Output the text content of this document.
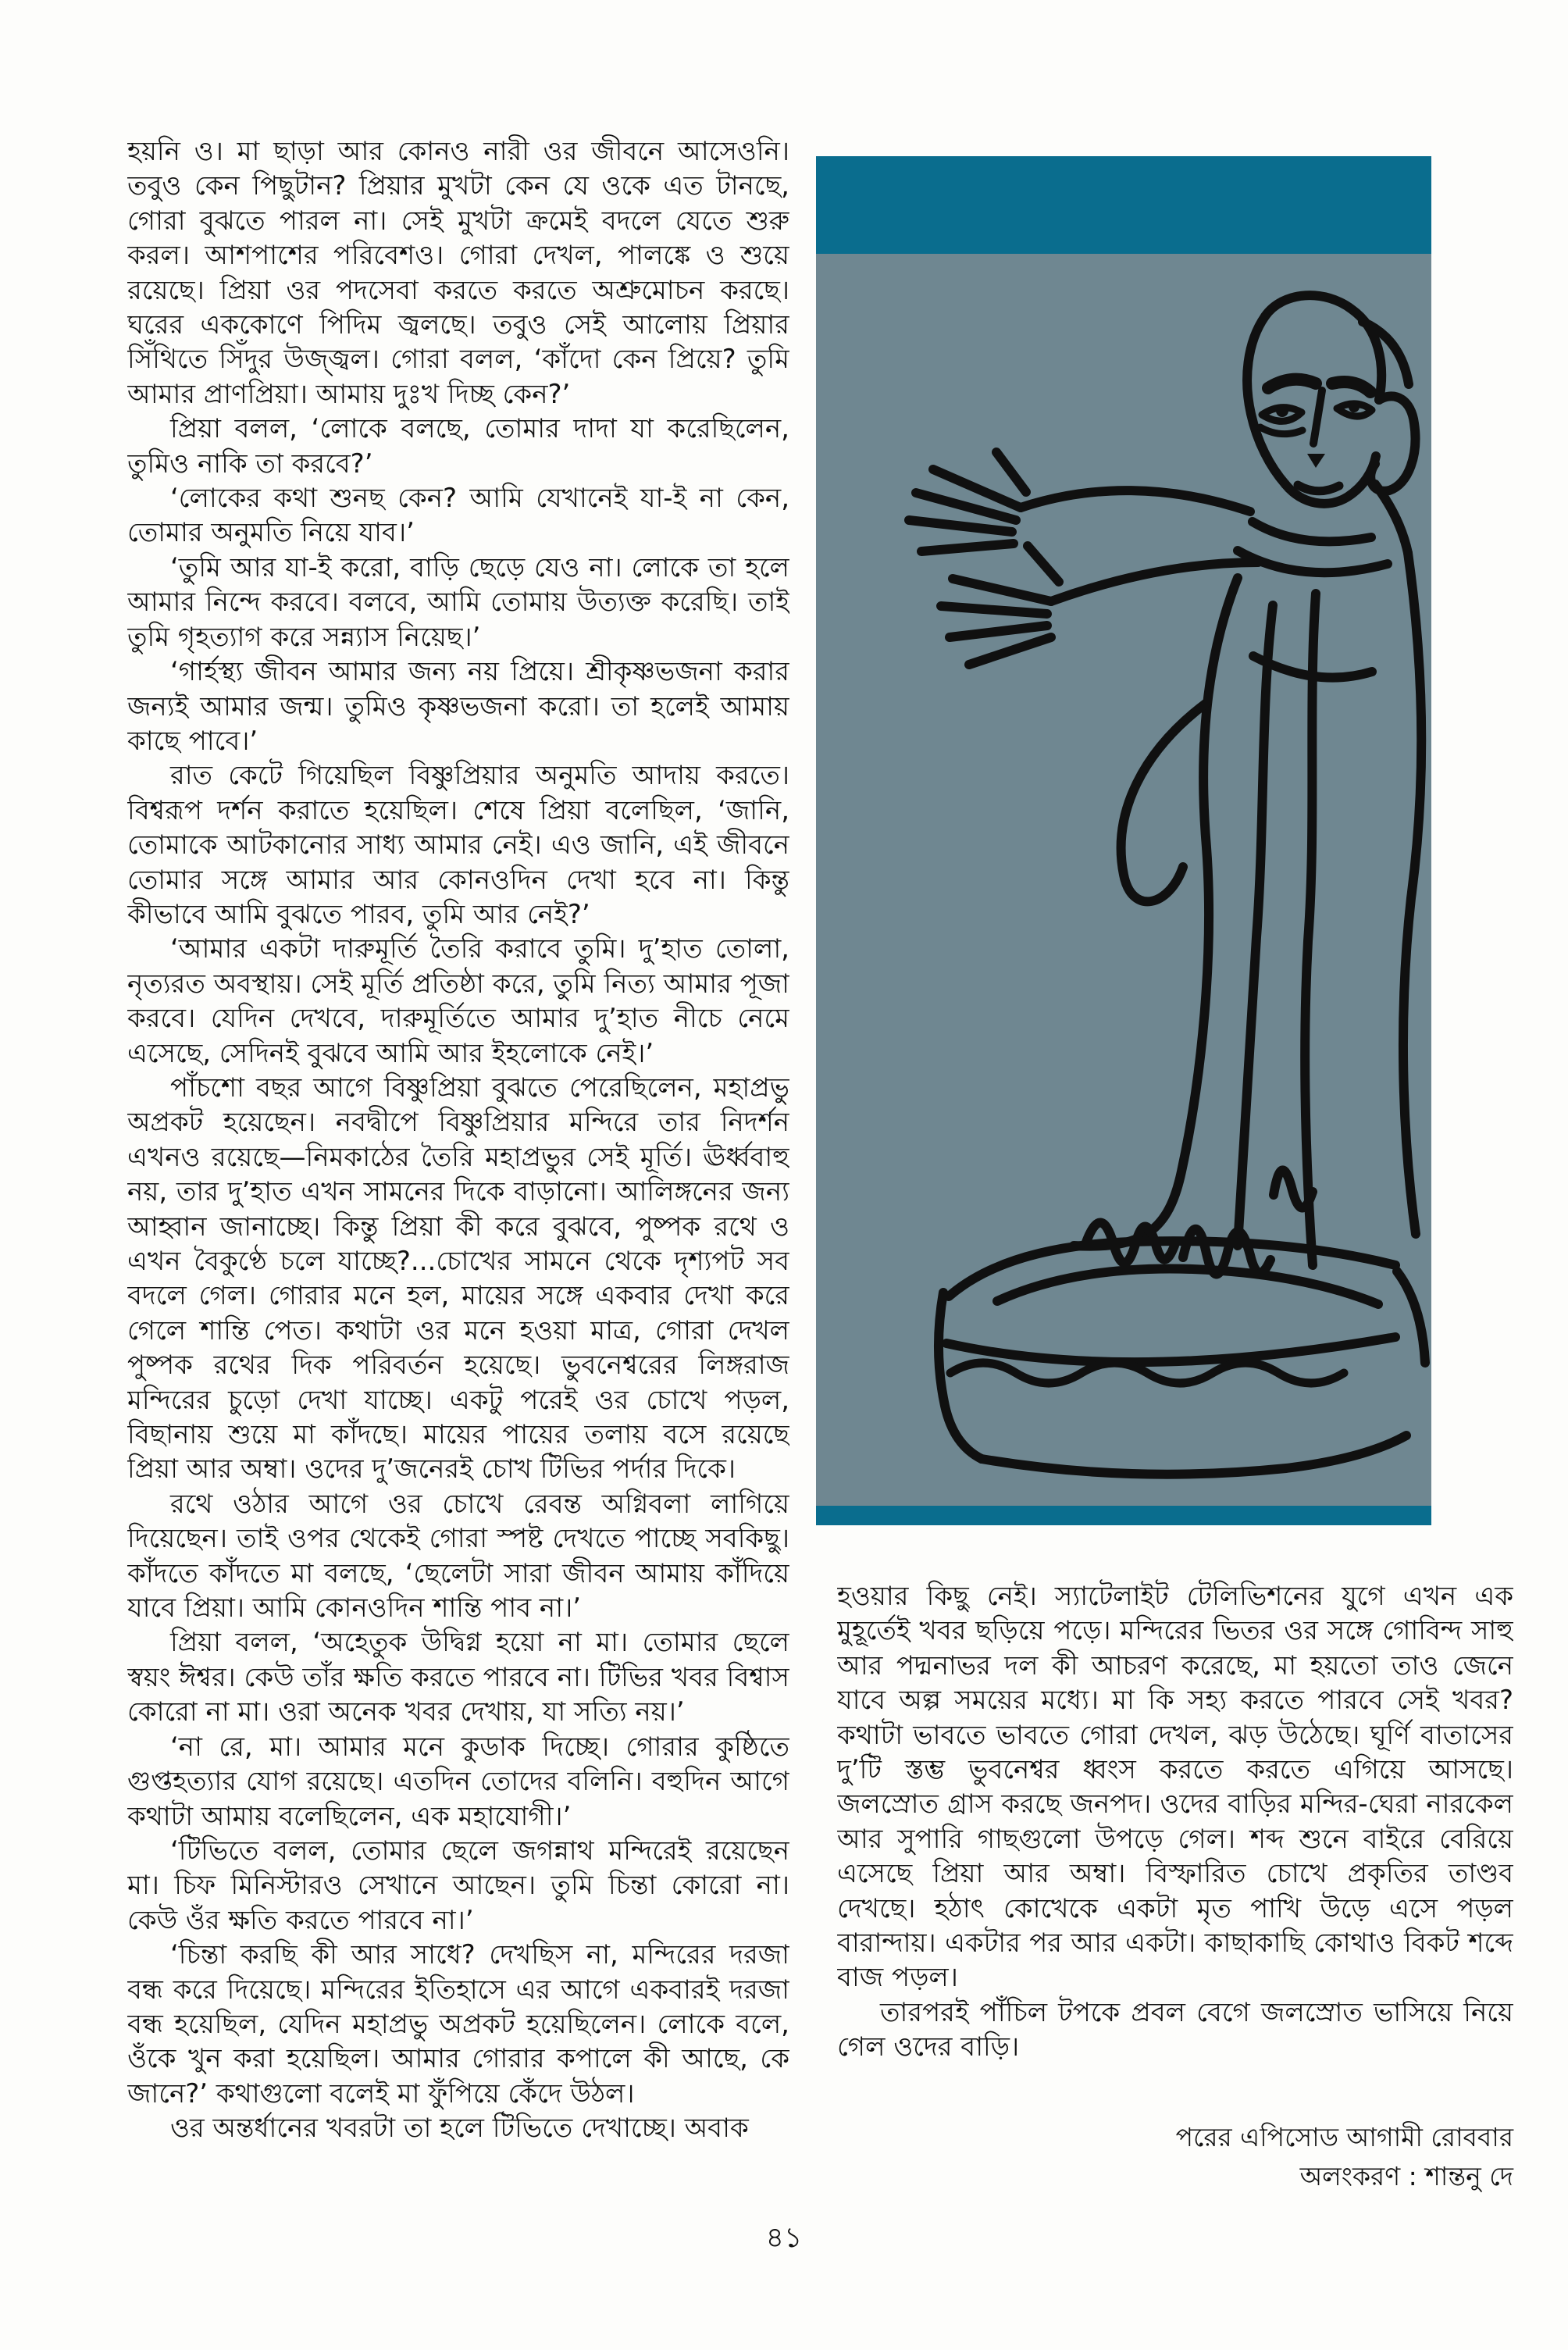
হয়নি ও। মা ছাড়া আর কোনও নারী ওর জীবনে আসেওনি। তবুও কেন পিছুটান? প্রিয়ার মুখটা কেন যে ওকে এত টানছে, গোরা বুঝতে পারল না। সেই মুখটা ক্রমেই বদলে যেতে শুরু করল। আশপাশের পরিবেশও। গোরা দেখল, পালঙ্কে ও শুয়ে রয়েছে। প্রিয়া ওর পদসেবা করতে করতে অশ্রুমোচন করছে। ঘরের এককোণে পিদিম জ্বলছে। তবুও সেই আলোয় প্রিয়ার সিঁথিতে সিঁদুর উজ্জ্বল। গোরা বলল, ‘কাঁদো কেন প্রিয়ে? তুমি আমার প্রাণপ্রিয়া। আমায় দুঃখ দিচ্ছ কেন?’

প্রিয়া বলল, ‘লোকে বলছে, তোমার দাদা যা করেছিলেন, তুমিও নাকি তা করবে?’

‘লোকের কথা শুনছ কেন? আমি যেখানেই যা-ই না কেন, তোমার অনুমতি নিয়ে যাব।’

‘তুমি আর যা-ই করো, বাড়ি ছেড়ে যেও না। লোকে তা হলে আমার নিন্দে করবে। বলবে, আমি তোমায় উত্যক্ত করেছি। তাই তুমি গৃহত্যাগ করে সন্ন্যাস নিয়েছ।’

‘গার্হস্থ্য জীবন আমার জন্য নয় প্রিয়ে। শ্রীকৃষ্ণভজনা করার জন্যই আমার জন্ম। তুমিও কৃষ্ণভজনা করো। তা হলেই আমায় কাছে পাবে।’

রাত কেটে গিয়েছিল বিষ্ণুপ্রিয়ার অনুমতি আদায় করতে। বিশ্বরূপ দর্শন করাতে হয়েছিল। শেষে প্রিয়া বলেছিল, ‘জানি, তোমাকে আটকানোর সাধ্য আমার নেই। এও জানি, এই জীবনে তোমার সঙ্গে আমার আর কোনওদিন দেখা হবে না। কিন্তু কীভাবে আমি বুঝতে পারব, তুমি আর নেই?’

‘আমার একটা দারুমূর্তি তৈরি করাবে তুমি। দু’হাত তোলা, নৃত্যরত অবস্থায়। সেই মূর্তি প্রতিষ্ঠা করে, তুমি নিত্য আমার পূজা করবে। যেদিন দেখবে, দারুমূর্তিতে আমার দু’হাত নীচে নেমে এসেছে, সেদিনই বুঝবে আমি আর ইহলোকে নেই।’

পাঁচশো বছর আগে বিষ্ণুপ্রিয়া বুঝতে পেরেছিলেন, মহাপ্রভু অপ্রকট হয়েছেন। নবদ্বীপে বিষ্ণুপ্রিয়ার মন্দিরে তার নিদর্শন এখনও রয়েছে—নিমকাঠের তৈরি মহাপ্রভুর সেই মূর্তি। ঊর্ধ্ববাহু নয়, তার দু’হাত এখন সামনের দিকে বাড়ানো। আলিঙ্গনের জন্য আহ্বান জানাচ্ছে। কিন্তু প্রিয়া কী করে বুঝবে, পুষ্পক রথে ও এখন বৈকুণ্ঠে চলে যাচ্ছে?...চোখের সামনে থেকে দৃশ্যপট সব বদলে গেল। গোরার মনে হল, মায়ের সঙ্গে একবার দেখা করে গেলে শান্তি পেত। কথাটা ওর মনে হওয়া মাত্র, গোরা দেখল পুষ্পক রথের দিক পরিবর্তন হয়েছে। ভুবনেশ্বরের লিঙ্গরাজ মন্দিরের চুড়ো দেখা যাচ্ছে। একটু পরেই ওর চোখে পড়ল, বিছানায় শুয়ে মা কাঁদছে। মায়ের পায়ের তলায় বসে রয়েছে প্রিয়া আর অম্বা। ওদের দু’জনেরই চোখ টিভির পর্দার দিকে।

রথে ওঠার আগে ওর চোখে রেবন্ত অগ্নিবলা লাগিয়ে দিয়েছেন। তাই ওপর থেকেই গোরা স্পষ্ট দেখতে পাচ্ছে সবকিছু। কাঁদতে কাঁদতে মা বলছে, ‘ছেলেটা সারা জীবন আমায় কাঁদিয়ে যাবে প্রিয়া। আমি কোনওদিন শান্তি পাব না।’

প্রিয়া বলল, ‘অহেতুক উদ্বিগ্ন হয়ো না মা। তোমার ছেলে স্বয়ং ঈশ্বর। কেউ তাঁর ক্ষতি করতে পারবে না। টিভির খবর বিশ্বাস কোরো না মা। ওরা অনেক খবর দেখায়, যা সত্যি নয়।’

‘না রে, মা। আমার মনে কুডাক দিচ্ছে। গোরার কুষ্ঠিতে গুপ্তহত্যার যোগ রয়েছে। এতদিন তোদের বলিনি। বহুদিন আগে কথাটা আমায় বলেছিলেন, এক মহাযোগী।’

‘টিভিতে বলল, তোমার ছেলে জগন্নাথ মন্দিরেই রয়েছেন মা। চিফ মিনিস্টারও সেখানে আছেন। তুমি চিন্তা কোরো না। কেউ ওঁর ক্ষতি করতে পারবে না।’

‘চিন্তা করছি কী আর সাধে? দেখছিস না, মন্দিরের দরজা বন্ধ করে দিয়েছে। মন্দিরের ইতিহাসে এর আগে একবারই দরজা বন্ধ হয়েছিল, যেদিন মহাপ্রভু অপ্রকট হয়েছিলেন। লোকে বলে, ওঁকে খুন করা হয়েছিল। আমার গোরার কপালে কী আছে, কে জানে?’ কথাগুলো বলেই মা ফুঁপিয়ে কেঁদে উঠল।

ওর অন্তর্ধানের খবরটা তা হলে টিভিতে দেখাচ্ছে। অবাক

হওয়ার কিছু নেই। স্যাটেলাইট টেলিভিশনের যুগে এখন এক মুহূর্তেই খবর ছড়িয়ে পড়ে। মন্দিরের ভিতর ওর সঙ্গে গোবিন্দ সাহু আর পদ্মনাভর দল কী আচরণ করেছে, মা হয়তো তাও জেনে যাবে অল্প সময়ের মধ্যে। মা কি সহ্য করতে পারবে সেই খবর? কথাটা ভাবতে ভাবতে গোরা দেখল, ঝড় উঠেছে। ঘূর্ণি বাতাসের দু’টি স্তম্ভ ভুবনেশ্বর ধ্বংস করতে করতে এগিয়ে আসছে। জলস্রোত গ্রাস করছে জনপদ। ওদের বাড়ির মন্দির-ঘেরা নারকেল আর সুপারি গাছগুলো উপড়ে গেল। শব্দ শুনে বাইরে বেরিয়ে এসেছে প্রিয়া আর অম্বা। বিস্ফারিত চোখে প্রকৃতির তাণ্ডব দেখছে। হঠাৎ কোখেকে একটা মৃত পাখি উড়ে এসে পড়ল বারান্দায়। একটার পর আর একটা। কাছাকাছি কোথাও বিকট শব্দে বাজ পড়ল।

তারপরই পাঁচিল টপকে প্রবল বেগে জলস্রোত ভাসিয়ে নিয়ে গেল ওদের বাড়ি।

পরের এপিসোড আগামী রোববার
অলংকরণ : শান্তনু দে
৪১
